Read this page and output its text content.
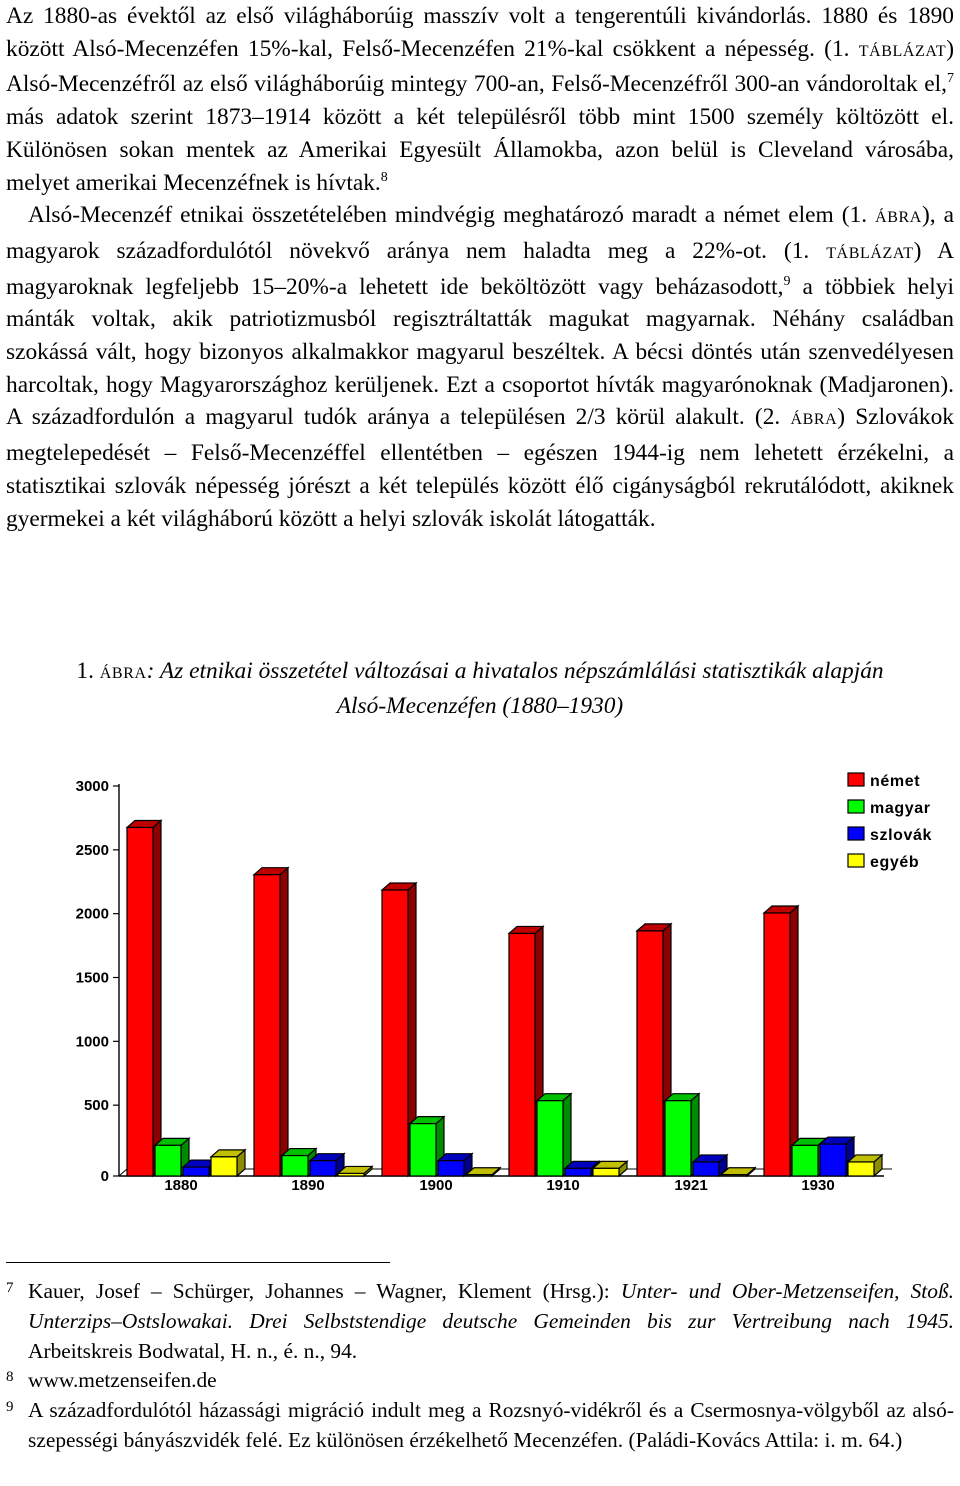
Az 1880-as évektől az első világháborúig masszív volt a tengerentúli kivándorlás. 1880 és 1890 között Alsó-Mecenzéfen 15%-kal, Felső-Mecenzéfen 21%-kal csökkent a népesség. (1. TÁBLÁZAT) Alsó-Mecenzéfről az első világháborúig mintegy 700-an, Felső-Mecenzéfről 300-an vándoroltak el,$^7$ más adatok szerint 1873–1914 között a két településről több mint 1500 személy költözött el. Különösen sokan mentek az Amerikai Egyesült Államokba, azon belül is Cleveland városába, melyet amerikai Mecenzéfnek is hívtak.$^8$

Alsó-Mecenzéf etnikai összetételében mindvégig meghatározó maradt a német elem (1. ÁBRA), a magyarok századfordulótól növekvő aránya nem haladta meg a 22%-ot. (1. TÁBLÁZAT) A magyaroknak legfeljebb 15–20%-a lehetett ide beköltözött vagy beházasodott,$^9$ a többiek helyi mánták voltak, akik patriotizmusból regisztráltatták magukat magyarnak. Néhány családban szokássá vált, hogy bizonyos alkalmakkor magyarul beszéltek. A bécsi döntés után szenvedélyesen harcoltak, hogy Magyarországhoz kerüljenek. Ezt a csoportot hívták magyarónoknak (Madjaronen). A századfordulón a magyarul tudók aránya a településen 2/3 körül alakult. (2. ÁBRA) Szlovákok megtelepedését – Felső-Mecenzéffel ellentétben – egészen 1944-ig nem lehetett érzékelni, a statisztikai szlovák népesség jórészt a két település között élő cigányságból rekrutálódott, akiknek gyermekei a két világháború között a helyi szlovák iskolát látogatták.

1. ÁBRA: Az etnikai összetétel változásai a hivatalos népszámlálási statisztikák alapján
Alsó-Mecenzéfen (1880–1930)
0
500
1000
1500
2000
2500
3000
1880	1890	1900	1910	1921	1930
német
magyar
szlovák
egyéb
7 Kauer, Josef – Schürger, Johannes – Wagner, Klement (Hrsg.): Unter- und Ober-Metzenseifen, Stoß. Unterzips–Ostslowakai. Drei Selbststendige deutsche Gemeinden bis zur Vertreibung nach 1945. Arbeitskreis Bodwatal, H. n., é. n., 94.
8 www.metzenseifen.de
9 A századfordulótól házassági migráció indult meg a Rozsnyó-vidékről és a Csermosnya-völgyből az alsó-szepességi bányászvidék felé. Ez különösen érzékelhető Mecenzéfen. (Paládi-Kovács Attila: i. m. 64.)
